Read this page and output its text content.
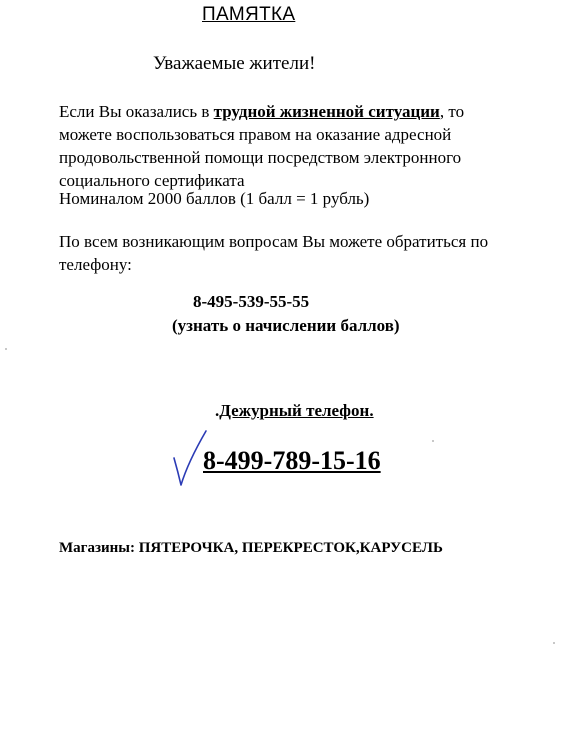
ПАМЯТКА
Уважаемые жители!
Если Вы оказались в трудной жизненной ситуации, то
можете воспользоваться правом на оказание адресной
продовольственной помощи посредством электронного
социального сертификата
Номиналом 2000 баллов (1 балл = 1 рубль)
По всем возникающим вопросам Вы можете обратиться по
телефону:
8-495-539-55-55
(узнать о начислении баллов)
.Дежурный телефон.
8-499-789-15-16
Магазины: ПЯТЕРОЧКА, ПЕРЕКРЕСТОК,КАРУСЕЛЬ
